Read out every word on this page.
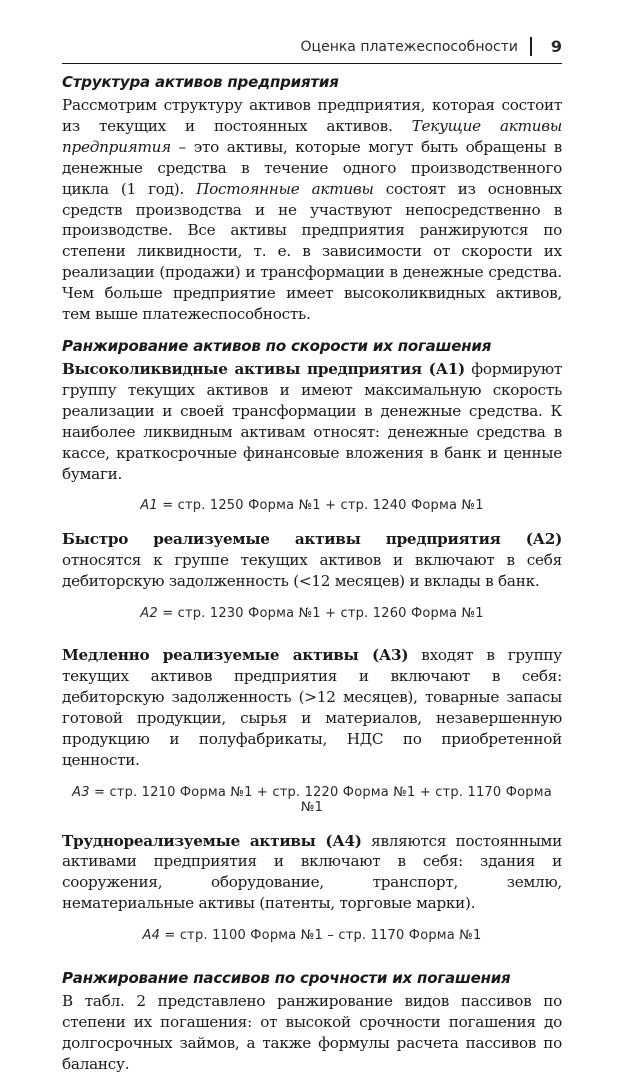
Оценка платежеспособности 9
Структура активов предприятия

Рассмотрим структуру активов предприятия, которая состоит из текущих и постоянных активов. Текущие активы предприятия – это активы, которые могут быть обращены в денежные средства в течение одного производственного цикла (1 год). Постоянные активы состоят из основных средств производства и не участвуют непосредственно в производстве. Все активы предприятия ранжируются по степени ликвидности, т. е. в зависимости от скорости их реализации (продажи) и трансформации в денежные средства. Чем больше предприятие имеет высоколиквидных активов, тем выше платежеспособность.

Ранжирование активов по скорости их погашения

Высоколиквидные активы предприятия (А1) формируют группу текущих активов и имеют максимальную скорость реализации и своей трансформации в денежные средства. К наиболее ликвидным активам относят: денежные средства в кассе, краткосрочные финансовые вложения в банк и ценные бумаги.

A1 = стр. 1250 Форма №1 + стр. 1240 Форма №1

Быстро реализуемые активы предприятия (А2) относятся к группе текущих активов и включают в себя дебиторскую задолженность (<12 месяцев) и вклады в банк.

A2 = стр. 1230 Форма №1 + стр. 1260 Форма №1

Медленно реализуемые активы (А3) входят в группу текущих активов предприятия и включают в себя: дебиторскую задолженность (>12 месяцев), товарные запасы готовой продукции, сырья и материалов, незавершенную продукцию и полуфабрикаты, НДС по приобретенной ценности.

A3 = стр. 1210 Форма №1 + стр. 1220 Форма №1 + стр. 1170 Форма №1

Труднореализуемые активы (А4) являются постоянными активами предприятия и включают в себя: здания и сооружения, оборудование, транспорт, землю, нематериальные активы (патенты, торговые марки).

A4 = стр. 1100 Форма №1 – стр. 1170 Форма №1
Ранжирование пассивов по срочности их погашения

В табл. 2 представлено ранжирование видов пассивов по степени их погашения: от высокой срочности погашения до долгосрочных займов, а также формулы расчета пассивов по балансу.
